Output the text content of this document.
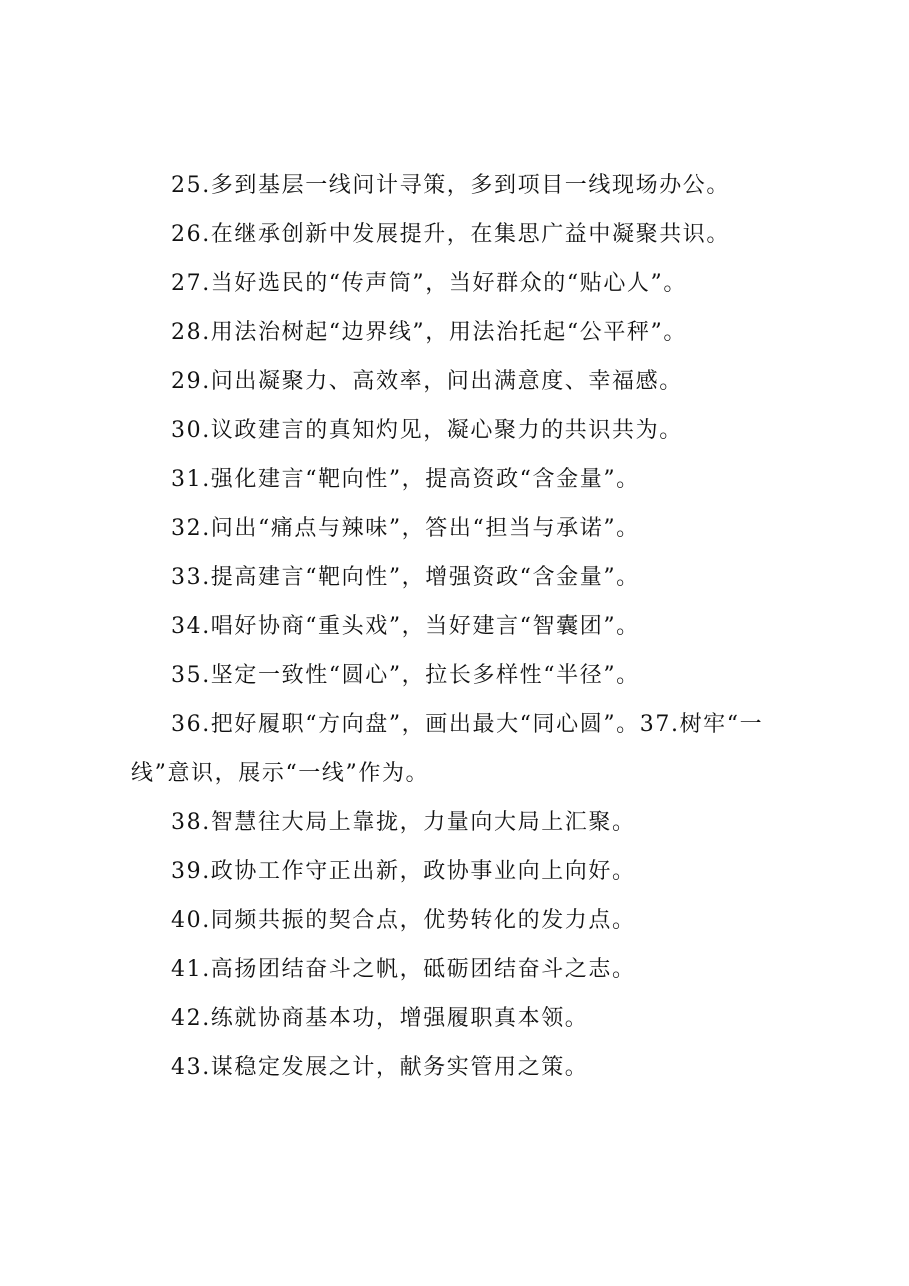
25.多到基层一线问计寻策，多到项目一线现场办公。

26.在继承创新中发展提升，在集思广益中凝聚共识。

27.当好选民的“传声筒”，当好群众的“贴心人”。

28.用法治树起“边界线”，用法治托起“公平秤”。

29.问出凝聚力、高效率，问出满意度、幸福感。

30.议政建言的真知灼见，凝心聚力的共识共为。

31.强化建言“靶向性”，提高资政“含金量”。

32.问出“痛点与辣味”，答出“担当与承诺”。

33.提高建言“靶向性”，增强资政“含金量”。

34.唱好协商“重头戏”，当好建言“智囊团”。

35.坚定一致性“圆心”，拉长多样性“半径”。

36.把好履职“方向盘”，画出最大“同心圆”。37.树牢“一线”意识，展示“一线”作为。

38.智慧往大局上靠拢，力量向大局上汇聚。

39.政协工作守正出新，政协事业向上向好。

40.同频共振的契合点，优势转化的发力点。

41.高扬团结奋斗之帆，砥砺团结奋斗之志。

42.练就协商基本功，增强履职真本领。

43.谋稳定发展之计，献务实管用之策。
